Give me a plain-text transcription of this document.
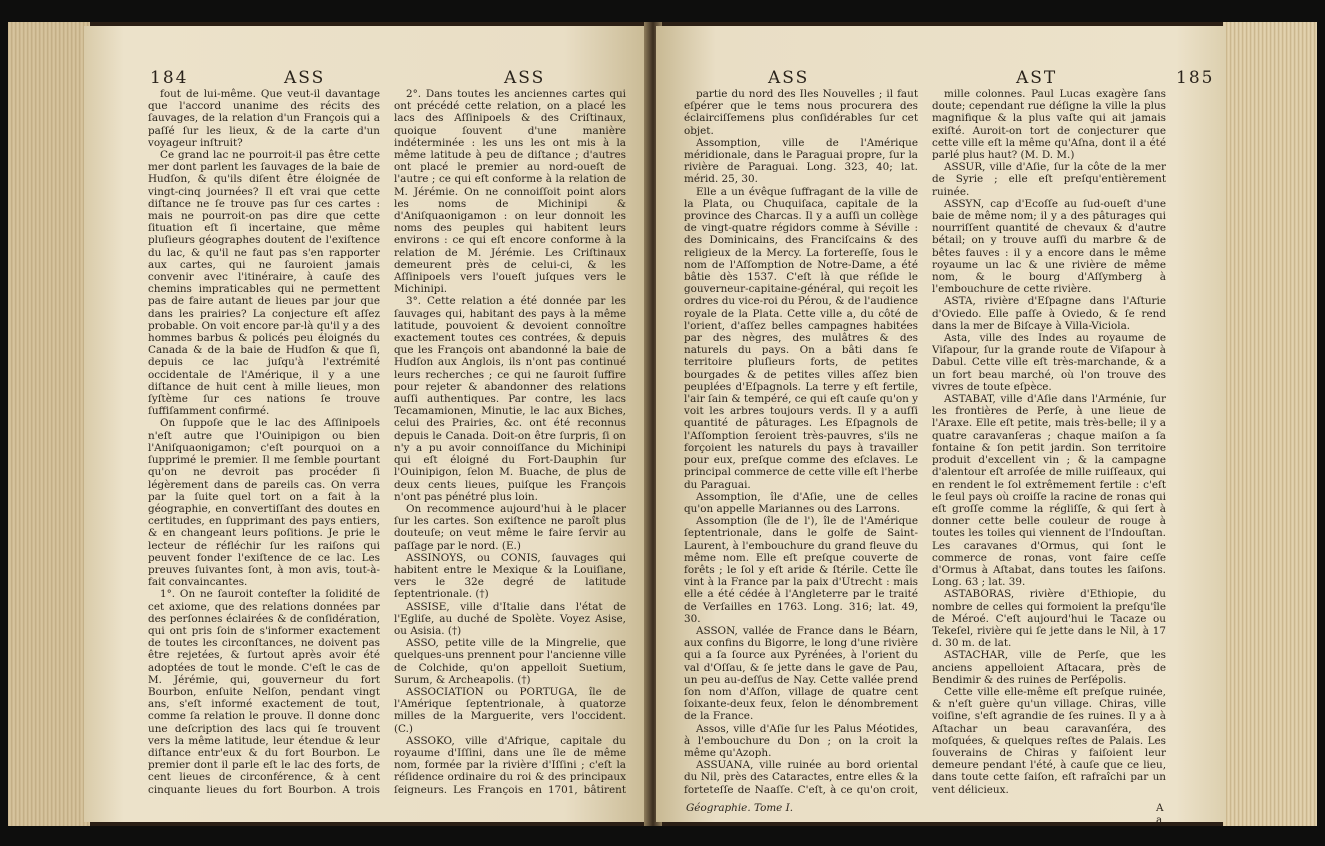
184	ASS	ASS

fout de lui-même. Que veut-il davantage que l'accord unanime des récits des ſauvages, de la relation d'un François qui a paſſé ſur les lieux, & de la carte d'un voyageur inſtruit?

Ce grand lac ne pourroit-il pas être cette mer dont parlent les ſauvages de la baie de Hudſon, & qu'ils diſent être éloignée de vingt-cinq journées? Il eſt vrai que cette diſtance ne ſe trouve pas ſur ces cartes : mais ne pourroit-on pas dire que cette ſituation eſt ſi incertaine, que même pluſieurs géographes doutent de l'exiſtence du lac, & qu'il ne faut pas s'en rapporter aux cartes, qui ne ſauroient jamais convenir avec l'itinéraire, à cauſe des chemins impraticables qui ne permettent pas de faire autant de lieues par jour que dans les prairies? La conjecture eſt aſſez probable. On voit encore par-là qu'il y a des hommes barbus & policés peu éloignés du Canada & de la baie de Hudſon & que ſi, depuis ce lac juſqu'à l'extrémité occidentale de l'Amérique, il y a une diſtance de huit cent à mille lieues, mon ſyſtème ſur ces nations ſe trouve ſuffiſamment confirmé.

On ſuppoſe que le lac des Aſſinipoels n'eſt autre que l'Ouinipigon ou bien l'Aniſquaonigamon; c'eſt pourquoi on a ſupprimé le premier. Il me ſemble pourtant qu'on ne devroit pas procéder ſi légèrement dans de pareils cas. On verra par la ſuite quel tort on a fait à la géographie, en convertiſſant des doutes en certitudes, en ſupprimant des pays entiers, & en changeant leurs poſitions. Je prie le lecteur de réfléchir ſur les raiſons qui peuvent fonder l'exiſtence de ce lac. Les preuves ſuivantes ſont, à mon avis, tout-à-fait convaincantes.

1°. On ne ſauroit conteſter la ſolidité de cet axiome, que des relations données par des perſonnes éclairées & de conſidération, qui ont pris ſoin de s'informer exactement de toutes les circonſtances, ne doivent pas être rejetées, & ſurtout après avoir été adoptées de tout le monde. C'eſt le cas de M. Jérémie, qui, gouverneur du fort Bourbon, enſuite Nelſon, pendant vingt ans, s'eſt informé exactement de tout, comme ſa relation le prouve. Il donne donc une deſcription des lacs qui ſe trouvent vers la même latitude, leur étendue & leur diſtance entr'eux & du fort Bourbon. Le premier dont il parle eſt le lac des forts, de cent lieues de circonférence, & à cent cinquante lieues du fort Bourbon. A trois

2°. Dans toutes les anciennes cartes qui ont précédé cette relation, on a placé les lacs des Aſſinipoels & des Criſtinaux, quoique ſouvent d'une manière indéterminée : les uns les ont mis à la même latitude à peu de diſtance ; d'autres ont placé le premier au nord-oueſt de l'autre ; ce qui eſt conforme à la relation de M. Jérémie. On ne connoiſſoit point alors les noms de Michinipi & d'Aniſquaonigamon : on leur donnoit les noms des peuples qui habitent leurs environs : ce qui eſt encore conforme à la relation de M. Jérémie. Les Criſtinaux demeurent près de celui-ci, & les Aſſinipoels vers l'oueſt juſques vers le Michinipi.

3°. Cette relation a été donnée par les ſauvages qui, habitant des pays à la même latitude, pouvoient & devoient connoître exactement toutes ces contrées, & depuis que les François ont abandonné la baie de Hudſon aux Anglois, ils n'ont pas continué leurs recherches ; ce qui ne ſauroit ſuffire pour rejeter & abandonner des relations auſſi authentiques. Par contre, les lacs Tecamamionen, Minutie, le lac aux Biches, celui des Prairies, &c. ont été reconnus depuis le Canada. Doit-on être ſurpris, ſi on n'y a pu avoir connoiſſance du Michinipi qui eſt éloigné du Fort-Dauphin ſur l'Ouinipigon, ſelon M. Buache, de plus de deux cents lieues, puiſque les François n'ont pas pénétré plus loin.

On recommence aujourd'hui à le placer ſur les cartes. Son exiſtence ne paroît plus douteuſe; on veut même le faire ſervir au paſſage par le nord. (E.)

ASSINOYS, ou CONIS, ſauvages qui habitent entre le Mexique & la Louiſiane, vers le 32e degré de latitude ſeptentrionale. (†)

ASSISE, ville d'Italie dans l'état de l'Egliſe, au duché de Spolète. Voyez Asise, ou Asisia. (†)

ASSO, petite ville de la Mingrelie, que quelques-uns prennent pour l'ancienne ville de Colchide, qu'on appelloit Suetium, Surum, & Archeapolis. (†)

ASSOCIATION ou PORTUGA, île de l'Amérique ſeptentrionale, à quatorze milles de la Marguerite, vers l'occident. (C.)

ASSOKO, ville d'Afrique, capitale du royaume d'Iſſini, dans une île de même nom, formée par la rivière d'Iſſini ; c'eſt la réſidence ordinaire du roi & des principaux ſeigneurs. Les François en 1701, bâtirent

ASS	AST	185

partie du nord des Iles Nouvelles ; il faut eſpérer que le tems nous procurera des éclairciſſemens plus conſidérables ſur cet objet.

Assomption, ville de l'Amérique méridionale, dans le Paraguai propre, ſur la rivière de Paraguai. Long. 323, 40; lat. mérid. 25, 30.

Elle a un évêque ſuffragant de la ville de la Plata, ou Chuquiſaca, capitale de la province des Charcas. Il y a auſſi un collège de vingt-quatre régidors comme à Séville : des Dominicains, des Franciſcains & des religieux de la Mercy. La fortereſſe, ſous le nom de l'Aſſomption de Notre-Dame, a été bâtie dès 1537. C'eſt là que réſide le gouverneur-capitaine-général, qui reçoit les ordres du vice-roi du Pérou, & de l'audience royale de la Plata. Cette ville a, du côté de l'orient, d'aſſez belles campagnes habitées par des nègres, des mulâtres & des naturels du pays. On a bâti dans ſe territoire pluſieurs forts, de petites bourgades & de petites villes aſſez bien peuplées d'Eſpagnols. La terre y eſt fertile, l'air ſain & tempéré, ce qui eſt cauſe qu'on y voit les arbres toujours verds. Il y a auſſi quantité de pâturages. Les Eſpagnols de l'Aſſomption ſeroient très-pauvres, s'ils ne forçoient les naturels du pays à travailler pour eux, preſque comme des eſclaves. Le principal commerce de cette ville eſt l'herbe du Paraguai.

Assomption, île d'Aſie, une de celles qu'on appelle Mariannes ou des Larrons.

Assomption (île de l'), île de l'Amérique ſeptentrionale, dans le golfe de Saint-Laurent, à l'embouchure du grand fleuve du même nom. Elle eſt preſque couverte de forêts ; le ſol y eſt aride & ſtérile. Cette île vint à la France par la paix d'Utrecht : mais elle a été cédée à l'Angleterre par le traité de Verſailles en 1763. Long. 316; lat. 49, 30.

ASSON, vallée de France dans le Béarn, aux confins du Bigorre, le long d'une rivière qui a ſa ſource aux Pyrénées, à l'orient du val d'Oſſau, & ſe jette dans le gave de Pau, un peu au-deſſus de Nay. Cette vallée prend ſon nom d'Aſſon, village de quatre cent ſoixante-deux feux, ſelon le dénombrement de la France.

Assos, ville d'Aſie ſur les Palus Méotides, à l'embouchure du Don ; on la croit la même qu'Azoph.

ASSUANA, ville ruinée au bord oriental du Nil, près des Cataractes, entre elles & la forteteſſe de Naaſſe. C'eſt, à ce qu'on croit,

mille colonnes. Paul Lucas exagère ſans doute; cependant rue déſigne la ville la plus magnifique & la plus vaſte qui ait jamais exiſté. Auroit-on tort de conjecturer que cette ville eſt la même qu'Aſna, dont il a été parlé plus haut? (M. D. M.)

ASSUR, ville d'Aſie, ſur la côte de la mer de Syrie ; elle eſt preſqu'entièrement ruinée.

ASSYN, cap d'Ecoſſe au ſud-oueſt d'une baie de même nom; il y a des pâturages qui nourriſſent quantité de chevaux & d'autre bétail; on y trouve auſſi du marbre & de bêtes fauves : il y a encore dans le même royaume un lac & une rivière de même nom, & le bourg d'Aſſymberg à l'embouchure de cette rivière.

ASTA, rivière d'Eſpagne dans l'Aſturie d'Oviedo. Elle paſſe à Oviedo, & ſe rend dans la mer de Biſcaye à Villa-Viciola.

Asta, ville des Indes au royaume de Viſapour, ſur la grande route de Viſapour à Dabul. Cette ville eſt très-marchande, & a un fort beau marché, où l'on trouve des vivres de toute eſpèce.

ASTABAT, ville d'Aſie dans l'Arménie, ſur les frontières de Perſe, à une lieue de l'Araxe. Elle eſt petite, mais très-belle; il y a quatre caravanſeras ; chaque maiſon a ſa fontaine & ſon petit jardin. Son territoire produit d'excellent vin ; & la campagne d'alentour eſt arroſée de mille ruiſſeaux, qui en rendent le ſol extrêmement fertile : c'eſt le ſeul pays où croiſſe la racine de ronas qui eſt groſſe comme la régliſſe, & qui ſert à donner cette belle couleur de rouge à toutes les toiles qui viennent de l'Indouſtan. Les caravanes d'Ormus, qui ſont le commerce de ronas, vont faire ceſſe d'Ormus à Aſtabat, dans toutes les ſaiſons. Long. 63 ; lat. 39.

ASTABORAS, rivière d'Ethiopie, du nombre de celles qui formoient la preſqu'île de Méroé. C'eſt aujourd'hui le Tacaze ou Tekeſel, rivière qui ſe jette dans le Nil, à 17 d. 30 m. de lat.

ASTACHAR, ville de Perſe, que les anciens appelloient Aſtacara, près de Bendimir & des ruines de Perſépolis.

Cette ville elle-même eſt preſque ruinée, & n'eſt guère qu'un village. Chiras, ville voiſine, s'eſt agrandie de ſes ruines. Il y a à Aſtachar un beau caravanſéra, des moſquées, & quelques reſtes de Palais. Les ſouverains de Chiras y faiſoient leur demeure pendant l'été, à cauſe que ce lieu, dans toute cette ſaiſon, eſt rafraîchi par un vent délicieux.

Géographie. Tome I.	A a
